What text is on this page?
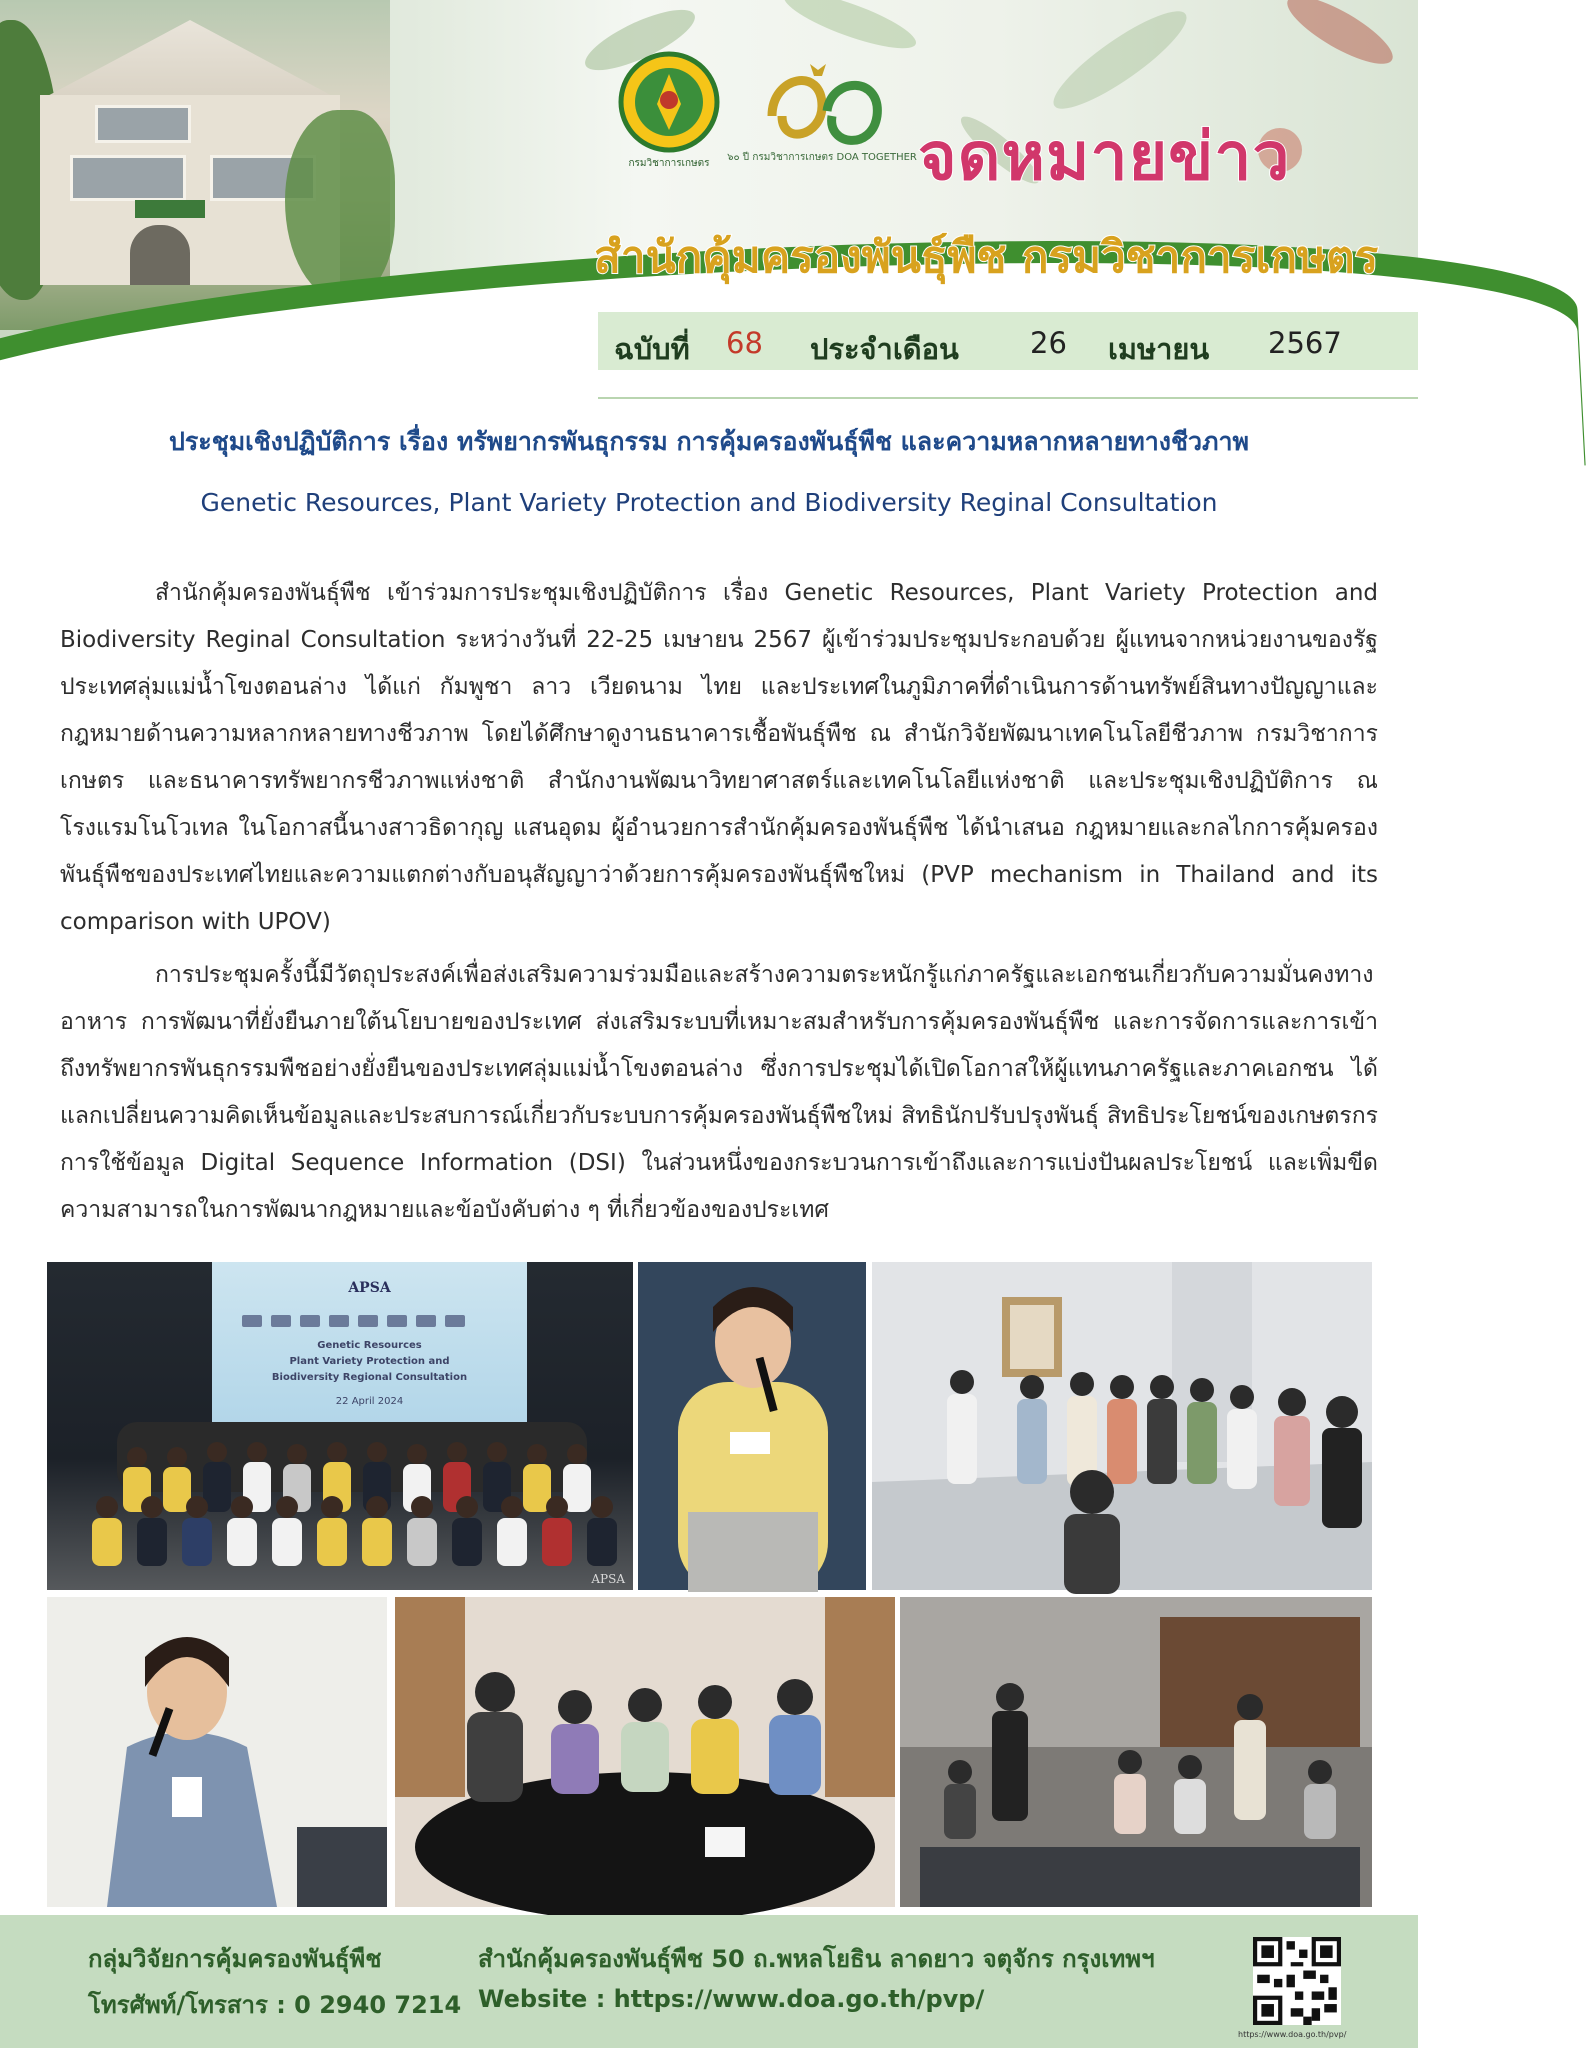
กรมวิชาการเกษตร
๖๐ ปี กรมวิชาการเกษตร DOA TOGETHER จดหมายข่าว
สำนักคุ้มครองพันธุ์พืช กรมวิชาการเกษตร
ฉบับที่ 68 ประจำเดือน 26 เมษายน 2567
ประชุมเชิงปฏิบัติการ เรื่อง ทรัพยากรพันธุกรรม การคุ้มครองพันธุ์พืช และความหลากหลายทางชีวภาพ
Genetic Resources, Plant Variety Protection and Biodiversity Reginal Consultation

สำนักคุ้มครองพันธุ์พืช เข้าร่วมการประชุมเชิงปฏิบัติการ เรื่อง Genetic Resources, Plant Variety Protection and Biodiversity Reginal Consultation ระหว่างวันที่ 22-25 เมษายน 2567 ผู้เข้าร่วมประชุมประกอบด้วย ผู้แทนจากหน่วยงานของรัฐประเทศลุ่มแม่น้ำโขงตอนล่าง ได้แก่ กัมพูชา ลาว เวียดนาม ไทย และประเทศในภูมิภาคที่ดำเนินการด้านทรัพย์สินทางปัญญาและกฎหมายด้านความหลากหลายทางชีวภาพ โดยได้ศึกษาดูงานธนาคารเชื้อพันธุ์พืช ณ สำนักวิจัยพัฒนาเทคโนโลยีชีวภาพ กรมวิชาการเกษตร และธนาคารทรัพยากรชีวภาพแห่งชาติ สำนักงานพัฒนาวิทยาศาสตร์และเทคโนโลยีแห่งชาติ และประชุมเชิงปฏิบัติการ ณ โรงแรมโนโวเทล ในโอกาสนี้นางสาวธิดากุญ แสนอุดม ผู้อำนวยการสำนักคุ้มครองพันธุ์พืช ได้นำเสนอ กฎหมายและกลไกการคุ้มครองพันธุ์พืชของประเทศไทยและความแตกต่างกับอนุสัญญาว่าด้วยการคุ้มครองพันธุ์พืชใหม่ (PVP mechanism in Thailand and its comparison with UPOV)

การประชุมครั้งนี้มีวัตถุประสงค์เพื่อส่งเสริมความร่วมมือและสร้างความตระหนักรู้แก่ภาครัฐและเอกชนเกี่ยวกับความมั่นคงทางอาหาร การพัฒนาที่ยั่งยืนภายใต้นโยบายของประเทศ ส่งเสริมระบบที่เหมาะสมสำหรับการคุ้มครองพันธุ์พืช และการจัดการและการเข้าถึงทรัพยากรพันธุกรรมพืชอย่างยั่งยืนของประเทศลุ่มแม่น้ำโขงตอนล่าง ซึ่งการประชุมได้เปิดโอกาสให้ผู้แทนภาครัฐและภาคเอกชน ได้แลกเปลี่ยนความคิดเห็นข้อมูลและประสบการณ์เกี่ยวกับระบบการคุ้มครองพันธุ์พืชใหม่ สิทธินักปรับปรุงพันธุ์ สิทธิประโยชน์ของเกษตรกร การใช้ข้อมูล Digital Sequence Information (DSI) ในส่วนหนึ่งของกระบวนการเข้าถึงและการแบ่งปันผลประโยชน์ และเพิ่มขีดความสามารถในการพัฒนากฎหมายและข้อบังคับต่าง ๆ ที่เกี่ยวข้องของประเทศ

APSA
Genetic Resources
Plant Variety Protection and
Biodiversity Regional Consultation
22 April 2024
APSA
กลุ่มวิจัยการคุ้มครองพันธุ์พืช	สำนักคุ้มครองพันธุ์พืช 50 ถ.พหลโยธิน ลาดยาว จตุจักร กรุงเทพฯ
โทรศัพท์/โทรสาร : 0 2940 7214 Website : https://www.doa.go.th/pvp/
https://www.doa.go.th/pvp/
